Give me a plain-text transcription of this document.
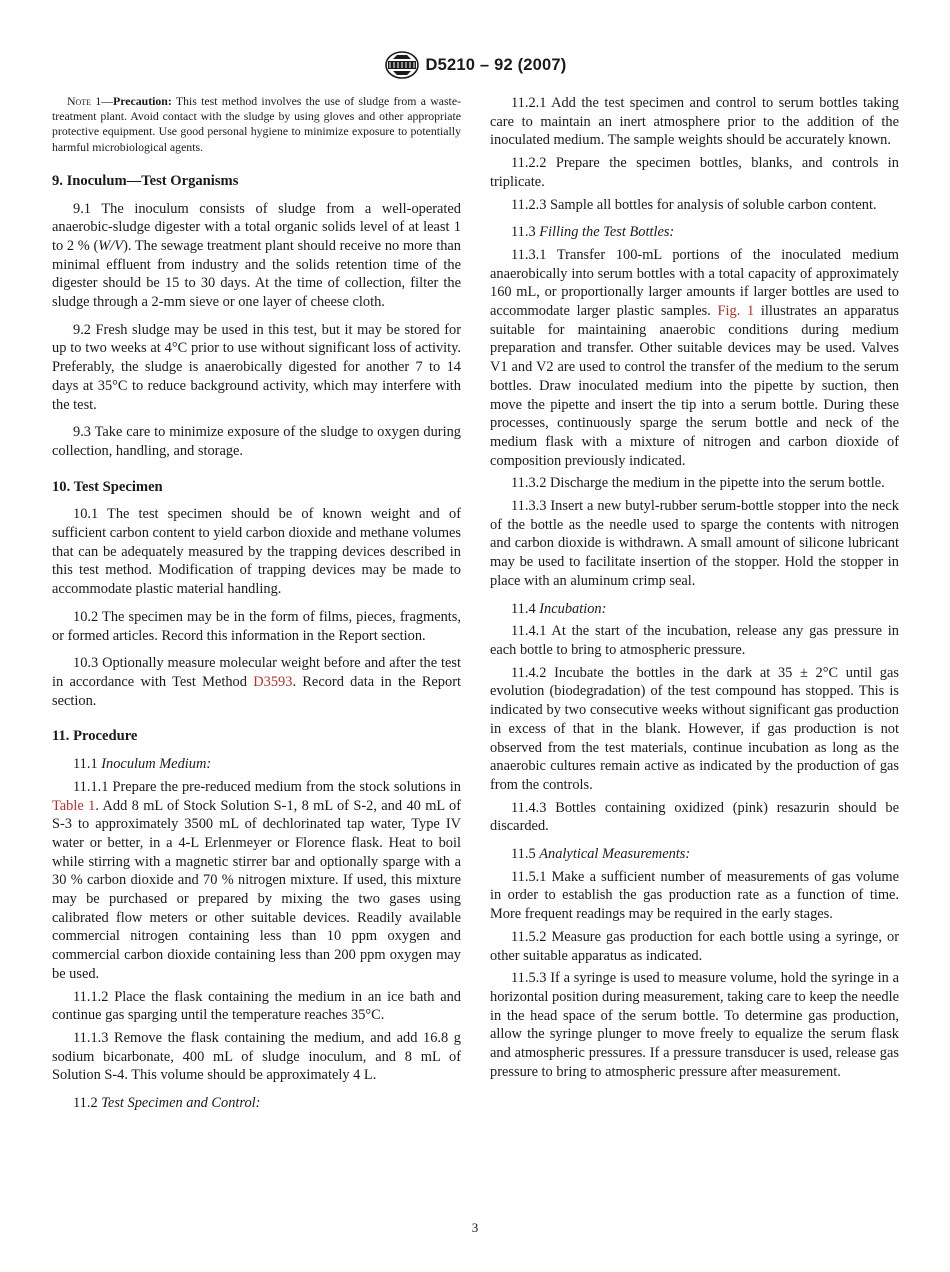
D5210 – 92 (2007)

Note 1—Precaution: This test method involves the use of sludge from a waste-treatment plant. Avoid contact with the sludge by using gloves and other appropriate protective equipment. Use good personal hygiene to minimize exposure to potentially harmful microbiological agents.

9. Inoculum—Test Organisms

9.1 The inoculum consists of sludge from a well-operated anaerobic-sludge digester with a total organic solids level of at least 1 to 2 % (W/V). The sewage treatment plant should receive no more than minimal effluent from industry and the solids retention time of the digester should be 15 to 30 days. At the time of collection, filter the sludge through a 2-mm sieve or one layer of cheese cloth.

9.2 Fresh sludge may be used in this test, but it may be stored for up to two weeks at 4°C prior to use without significant loss of activity. Preferably, the sludge is anaerobically digested for another 7 to 14 days at 35°C to reduce background activity, which may interfere with the test.

9.3 Take care to minimize exposure of the sludge to oxygen during collection, handling, and storage.

10. Test Specimen

10.1 The test specimen should be of known weight and of sufficient carbon content to yield carbon dioxide and methane volumes that can be adequately measured by the trapping devices described in this test method. Modification of trapping devices may be made to accommodate plastic material handling.

10.2 The specimen may be in the form of films, pieces, fragments, or formed articles. Record this information in the Report section.

10.3 Optionally measure molecular weight before and after the test in accordance with Test Method D3593. Record data in the Report section.

11. Procedure

11.1 Inoculum Medium:

11.1.1 Prepare the pre-reduced medium from the stock solutions in Table 1. Add 8 mL of Stock Solution S-1, 8 mL of S-2, and 40 mL of S-3 to approximately 3500 mL of dechlorinated tap water, Type IV water or better, in a 4-L Erlenmeyer or Florence flask. Heat to boil while stirring with a magnetic stirrer bar and optionally sparge with a 30 % carbon dioxide and 70 % nitrogen mixture. If used, this mixture may be purchased or prepared by mixing the two gases using calibrated flow meters or other suitable devices. Readily available commercial nitrogen containing less than 10 ppm oxygen and commercial carbon dioxide containing less than 200 ppm oxygen may be used.

11.1.2 Place the flask containing the medium in an ice bath and continue gas sparging until the temperature reaches 35°C.

11.1.3 Remove the flask containing the medium, and add 16.8 g sodium bicarbonate, 400 mL of sludge inoculum, and 8 mL of Solution S-4. This volume should be approximately 4 L.

11.2 Test Specimen and Control:

11.2.1 Add the test specimen and control to serum bottles taking care to maintain an inert atmosphere prior to the addition of the inoculated medium. The sample weights should be accurately known.

11.2.2 Prepare the specimen bottles, blanks, and controls in triplicate.

11.2.3 Sample all bottles for analysis of soluble carbon content.

11.3 Filling the Test Bottles:

11.3.1 Transfer 100-mL portions of the inoculated medium anaerobically into serum bottles with a total capacity of approximately 160 mL, or proportionally larger amounts if larger bottles are used to accommodate larger plastic samples. Fig. 1 illustrates an apparatus suitable for maintaining anaerobic conditions during medium preparation and transfer. Other suitable devices may be used. Valves V1 and V2 are used to control the transfer of the medium to the serum bottles. Draw inoculated medium into the pipette by suction, then move the pipette and insert the tip into a serum bottle. During these processes, continuously sparge the serum bottle and neck of the medium flask with a mixture of nitrogen and carbon dioxide of composition previously indicated.

11.3.2 Discharge the medium in the pipette into the serum bottle.

11.3.3 Insert a new butyl-rubber serum-bottle stopper into the neck of the bottle as the needle used to sparge the contents with nitrogen and carbon dioxide is withdrawn. A small amount of silicone lubricant may be used to facilitate insertion of the stopper. Hold the stopper in place with an aluminum crimp seal.

11.4 Incubation:

11.4.1 At the start of the incubation, release any gas pressure in each bottle to bring to atmospheric pressure.

11.4.2 Incubate the bottles in the dark at 35 ± 2°C until gas evolution (biodegradation) of the test compound has stopped. This is indicated by two consecutive weeks without significant gas production in excess of that in the blank. However, if gas production is not observed from the test materials, continue incubation as long as the anaerobic cultures remain active as indicated by the production of gas from the controls.

11.4.3 Bottles containing oxidized (pink) resazurin should be discarded.

11.5 Analytical Measurements:

11.5.1 Make a sufficient number of measurements of gas volume in order to establish the gas production rate as a function of time. More frequent readings may be required in the early stages.

11.5.2 Measure gas production for each bottle using a syringe, or other suitable apparatus as indicated.

11.5.3 If a syringe is used to measure volume, hold the syringe in a horizontal position during measurement, taking care to keep the needle in the head space of the serum bottle. To determine gas production, allow the syringe plunger to move freely to equalize the serum flask and atmospheric pressures. If a pressure transducer is used, release gas pressure to bring to atmospheric pressure after measurement.

3
